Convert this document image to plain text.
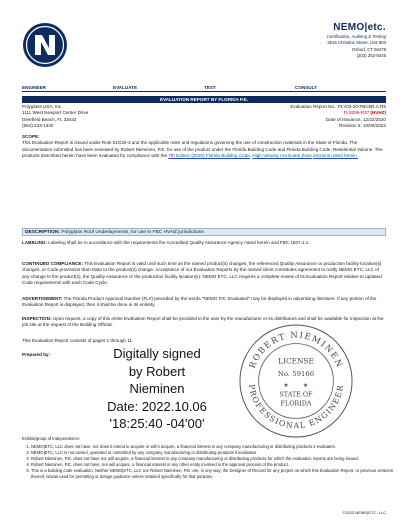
NEMO|etc.
Certification, Auditing & Testing
3615 Christine Street, Unit 803
Oxford, CT 06478
(203) 262-9245
ENGINEER	EVALUATE	TEST	CONSULT
EVALUATION REPORT BY FLORIDA P.E.
Polyglass USA, Inc.
1111 West Newport Center Drive
Deerfield Beach, FL 33442
(954) 233-1330
Evaluation Report No.: PLY03-20-FBC5R.A.R5
FL5259-R37 (HVHZ)
Date of Issuance: 12/22/2020
Revision 5: 10/06/2022
SCOPE:
This Evaluation Report is issued under Rule 61G20-3 and the applicable rules and regulations governing the use of construction materials in the State of Florida. The documentation submitted has been reviewed by Robert Nieminen, P.E. for use of the product under the Florida Building Code and Florida Building Code, Residential Volume. The products described herein have been evaluated for compliance with the 7th Edition (2020) Florida Building Code, High Velocity Hurricane Zone sections noted herein.
DESCRIPTION: Polyglass Roof Underlayments, for use in FBC HVHZ jurisdictions
LABELING: Labeling shall be in accordance with the requirements the Accredited Quality Assurance Agency noted herein and FBC 1507.1.1.
CONTINUED COMPLIANCE: This Evaluation Report is valid until such time as the named product(s) changes, the referenced Quality Assurance or production facility location(s) changes, or Code provisions that relate to the product(s) change. Acceptance of our Evaluation Reports by the named client constitutes agreement to notify NEMO ETC, LLC of any change to the product(s), the Quality Assurance or the production facility location(s). NEMO ETC, LLC requires a complete review of its Evaluation Report relative to updated Code requirements with each Code Cycle.
ADVERTISEMENT: The Florida Product Approval Number (FL#) preceded by the words "NEMO P.E. Evaluated" may be displayed in advertising literature. If any portion of the Evaluation Report is displayed, then it shall be done in its entirety.
INSPECTION: Upon request, a copy of this entire Evaluation Report shall be provided to the user by the manufacturer or its distributors and shall be available for inspection at the job site at the request of the Building Official.
This Evaluation Report consists of pages 1 through 11.
Prepared by:	Digitally signed
by Robert
Nieminen
Date: 2022.10.06
'18:25:40 -04'00'
ROBERT NIEMINEN
PROFESSIONAL ENGINEER
LICENSE
No. 59166
★ ★
STATE OF
FLORIDA
Exhibit/group of Independence:
1. NEMO|ETC, LLC does not have, nor does it intend to acquire or will it acquire, a financial interest in any company manufacturing or distributing products it evaluates.
2. NEMO|ETC, LLC is not owned, operated or controlled by any company manufacturing or distributing products it evaluates.
3. Robert Nieminen, P.E. does not have nor will acquire, a financial interest in any company manufacturing or distributing products for which the evaluation reports are being issued.
4. Robert Nieminen, P.E. does not have, nor will acquire, a financial interest in any other entity involved in the approval process of the product.
5. This is a building code evaluation. Neither NEMO|ETC, LLC nor Robert Nieminen, P.E. are, in any way, the Designer of Record for any project on which this Evaluation Report, or previous versions thereof, is/was used for permitting or design guidance unless retained specifically for that purpose.
©2022 NEMO|ETC, LLC
